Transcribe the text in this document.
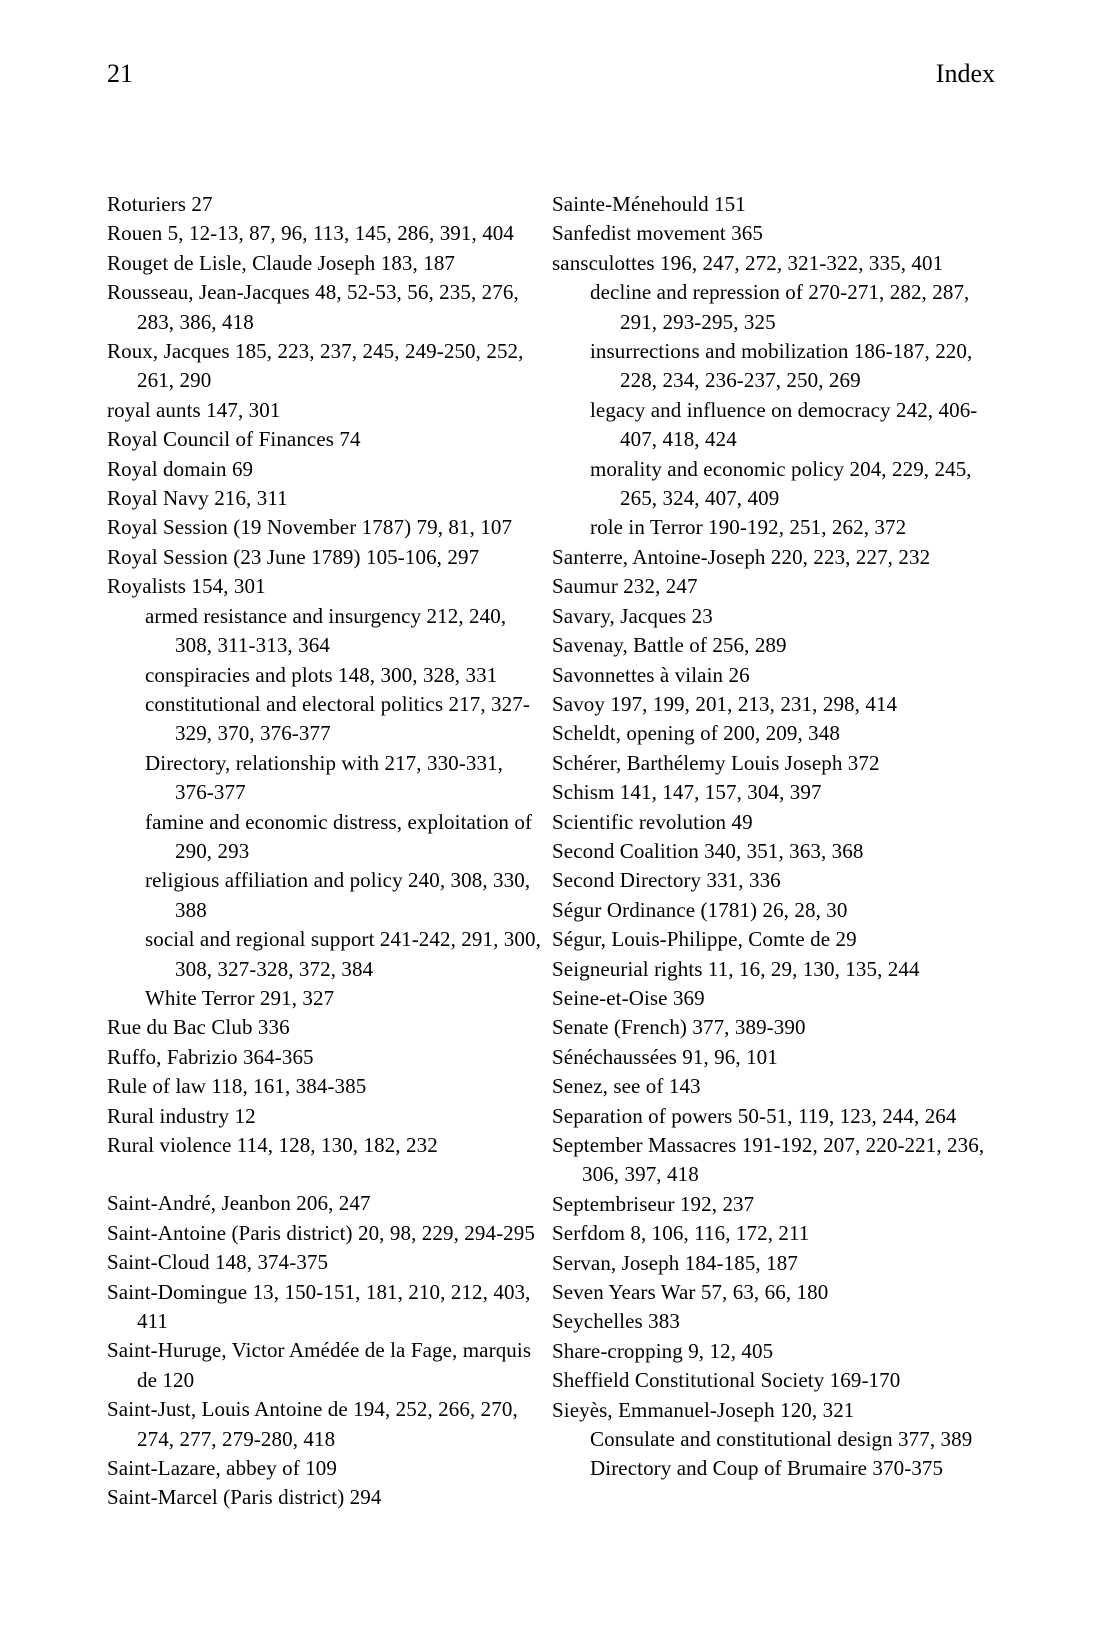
21	Index

Roturiers 27

Rouen 5, 12-13, 87, 96, 113, 145, 286, 391, 404

Rouget de Lisle, Claude Joseph 183, 187

Rousseau, Jean-Jacques 48, 52-53, 56, 235, 276, 283, 386, 418

Roux, Jacques 185, 223, 237, 245, 249-250, 252, 261, 290

royal aunts 147, 301

Royal Council of Finances 74

Royal domain 69

Royal Navy 216, 311

Royal Session (19 November 1787) 79, 81, 107

Royal Session (23 June 1789) 105-106, 297

Royalists 154, 301

armed resistance and insurgency 212, 240, 308, 311-313, 364

conspiracies and plots 148, 300, 328, 331

constitutional and electoral politics 217, 327-329, 370, 376-377

Directory, relationship with 217, 330-331, 376-377

famine and economic distress, exploitation of 290, 293

religious affiliation and policy 240, 308, 330, 388

social and regional support 241-242, 291, 300, 308, 327-328, 372, 384

White Terror 291, 327

Rue du Bac Club 336

Ruffo, Fabrizio 364-365

Rule of law 118, 161, 384-385

Rural industry 12

Rural violence 114, 128, 130, 182, 232

Saint-André, Jeanbon 206, 247

Saint-Antoine (Paris district) 20, 98, 229, 294-295

Saint-Cloud 148, 374-375

Saint-Domingue 13, 150-151, 181, 210, 212, 403, 411

Saint-Huruge, Victor Amédée de la Fage, marquis de 120

Saint-Just, Louis Antoine de 194, 252, 266, 270, 274, 277, 279-280, 418

Saint-Lazare, abbey of 109

Saint-Marcel (Paris district) 294

Sainte-Ménehould 151

Sanfedist movement 365

sansculottes 196, 247, 272, 321-322, 335, 401

decline and repression of 270-271, 282, 287, 291, 293-295, 325

insurrections and mobilization 186-187, 220, 228, 234, 236-237, 250, 269

legacy and influence on democracy 242, 406-407, 418, 424

morality and economic policy 204, 229, 245, 265, 324, 407, 409

role in Terror 190-192, 251, 262, 372

Santerre, Antoine-Joseph 220, 223, 227, 232

Saumur 232, 247

Savary, Jacques 23

Savenay, Battle of 256, 289

Savonnettes à vilain 26

Savoy 197, 199, 201, 213, 231, 298, 414

Scheldt, opening of 200, 209, 348

Schérer, Barthélemy Louis Joseph 372

Schism 141, 147, 157, 304, 397

Scientific revolution 49

Second Coalition 340, 351, 363, 368

Second Directory 331, 336

Ségur Ordinance (1781) 26, 28, 30

Ségur, Louis-Philippe, Comte de 29

Seigneurial rights 11, 16, 29, 130, 135, 244

Seine-et-Oise 369

Senate (French) 377, 389-390

Sénéchaussées 91, 96, 101

Senez, see of 143

Separation of powers 50-51, 119, 123, 244, 264

September Massacres 191-192, 207, 220-221, 236, 306, 397, 418

Septembriseur 192, 237

Serfdom 8, 106, 116, 172, 211

Servan, Joseph 184-185, 187

Seven Years War 57, 63, 66, 180

Seychelles 383

Share-cropping 9, 12, 405

Sheffield Constitutional Society 169-170

Sieyès, Emmanuel-Joseph 120, 321

Consulate and constitutional design 377, 389

Directory and Coup of Brumaire 370-375
